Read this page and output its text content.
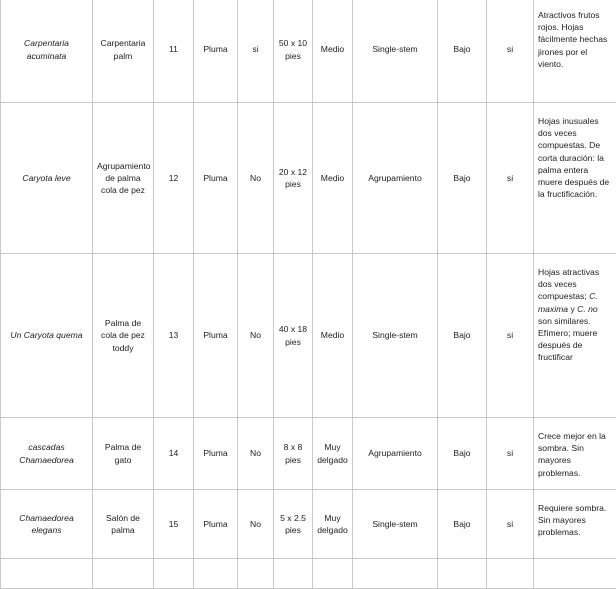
Carpentaria acuminata	Carpentaria palm	11	Pluma	si	50 x 10 pies	Medio	Single-stem	Bajo	si	Atractivos frutos rojos. Hojas fácilmente hechas jirones por el viento.
Caryota leve	Agrupamiento de palma cola de pez	12	Pluma	No	20 x 12 pies	Medio	Agrupamiento	Bajo	si	Hojas inusuales dos veces compuestas. De corta duración: la palma entera muere después de la fructificación.
Un Caryota quema	Palma de cola de pez toddy	13	Pluma	No	40 x 18 pies	Medio	Single-stem	Bajo	si	Hojas atractivas dos veces compuestas; C. maxima y C. no son similares. Efímero; muere después de fructificar
cascadas Chamaedorea	Palma de gato	14	Pluma	No	8 x 8 pies	Muy delgado	Agrupamiento	Bajo	si	Crece mejor en la sombra. Sin mayores problemas.
Chamaedorea elegans	Salón de palma	15	Pluma	No	5 x 2.5 pies	Muy delgado	Single-stem	Bajo	si	Requiere sombra. Sin mayores problemas.
